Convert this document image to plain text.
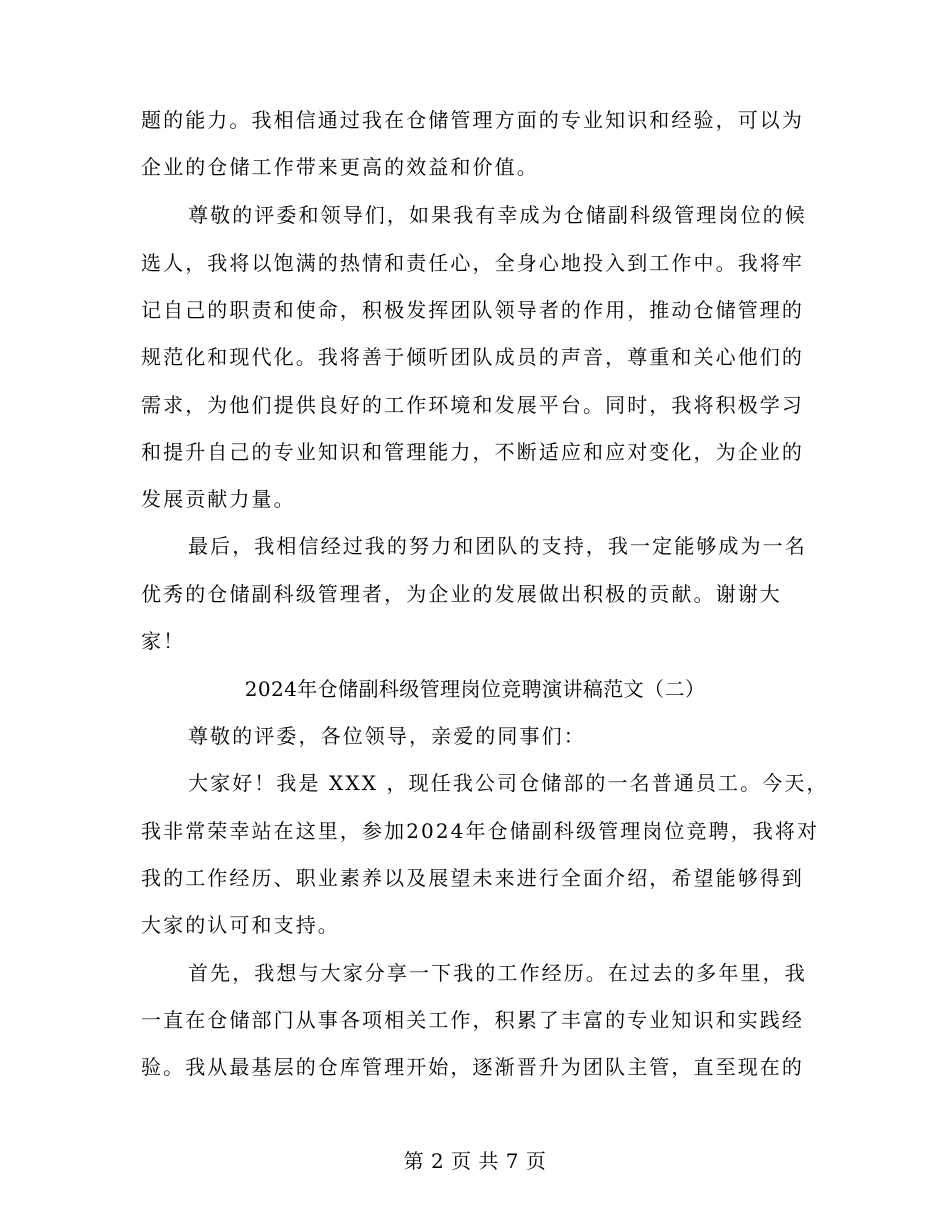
题的能力。我相信通过我在仓储管理方面的专业知识和经验，可以为
企业的仓储工作带来更高的效益和价值。
尊敬的评委和领导们，如果我有幸成为仓储副科级管理岗位的候
选人，我将以饱满的热情和责任心，全身心地投入到工作中。我将牢
记自己的职责和使命，积极发挥团队领导者的作用，推动仓储管理的
规范化和现代化。我将善于倾听团队成员的声音，尊重和关心他们的
需求，为他们提供良好的工作环境和发展平台。同时，我将积极学习
和提升自己的专业知识和管理能力，不断适应和应对变化，为企业的
发展贡献力量。
最后，我相信经过我的努力和团队的支持，我一定能够成为一名
优秀的仓储副科级管理者，为企业的发展做出积极的贡献。谢谢大
家！
2024年仓储副科级管理岗位竞聘演讲稿范文（二）
尊敬的评委，各位领导，亲爱的同事们：
大家好！我是 XXX ，现任我公司仓储部的一名普通员工。今天，
我非常荣幸站在这里，参加2024年仓储副科级管理岗位竞聘，我将对
我的工作经历、职业素养以及展望未来进行全面介绍，希望能够得到
大家的认可和支持。
首先，我想与大家分享一下我的工作经历。在过去的多年里，我
一直在仓储部门从事各项相关工作，积累了丰富的专业知识和实践经
验。我从最基层的仓库管理开始，逐渐晋升为团队主管，直至现在的
第 2 页 共 7 页
